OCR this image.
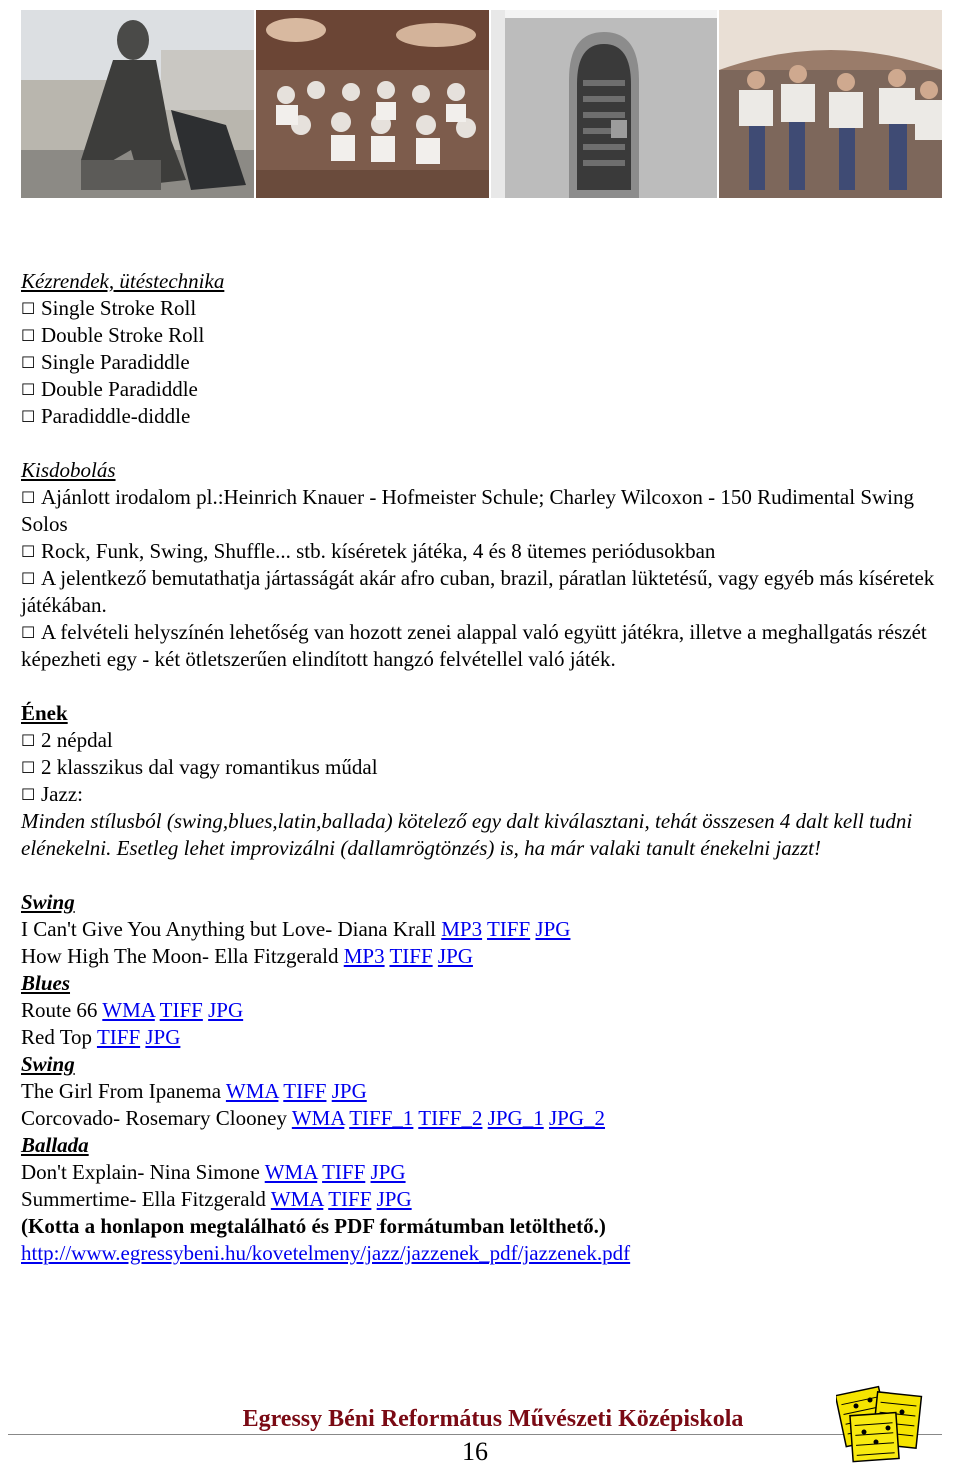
Kézrendek, ütéstechnika

☐ Single Stroke Roll

☐ Double Stroke Roll

☐ Single Paradiddle

☐ Double Paradiddle

☐ Paradiddle-diddle

Kisdobolás

☐ Ajánlott irodalom pl.:Heinrich Knauer - Hofmeister Schule; Charley Wilcoxon - 150 Rudimental Swing Solos

☐ Rock, Funk, Swing, Shuffle... stb. kíséretek játéka, 4 és 8 ütemes periódusokban

☐ A jelentkező bemutathatja jártasságát akár afro cuban, brazil, páratlan lüktetésű, vagy egyéb más kíséretek játékában.

☐ A felvételi helyszínén lehetőség van hozott zenei alappal való együtt játékra, illetve a meghallgatás részét képezheti egy - két ötletszerűen elindított hangzó felvétellel való játék.

Ének

☐ 2 népdal

☐ 2 klasszikus dal vagy romantikus műdal

☐ Jazz:

Minden stílusból (swing,blues,latin,ballada) kötelező egy dalt kiválasztani, tehát összesen 4 dalt kell tudni elénekelni. Esetleg lehet improvizálni (dallamrögtönzés) is, ha már valaki tanult énekelni jazzt!

Swing

I Can't Give You Anything but Love- Diana Krall MP3 TIFF JPG

How High The Moon- Ella Fitzgerald MP3 TIFF JPG

Blues

Route 66 WMA TIFF JPG

Red Top TIFF JPG

Swing

The Girl From Ipanema WMA TIFF JPG

Corcovado- Rosemary Clooney WMA TIFF_1 TIFF_2 JPG_1 JPG_2

Ballada

Don't Explain- Nina Simone WMA TIFF JPG

Summertime- Ella Fitzgerald WMA TIFF JPG

(Kotta a honlapon megtalálható és PDF formátumban letölthető.)

http://www.egressybeni.hu/kovetelmeny/jazz/jazzenek_pdf/jazzenek.pdf

Egressy Béni Református Művészeti Középiskola
16
